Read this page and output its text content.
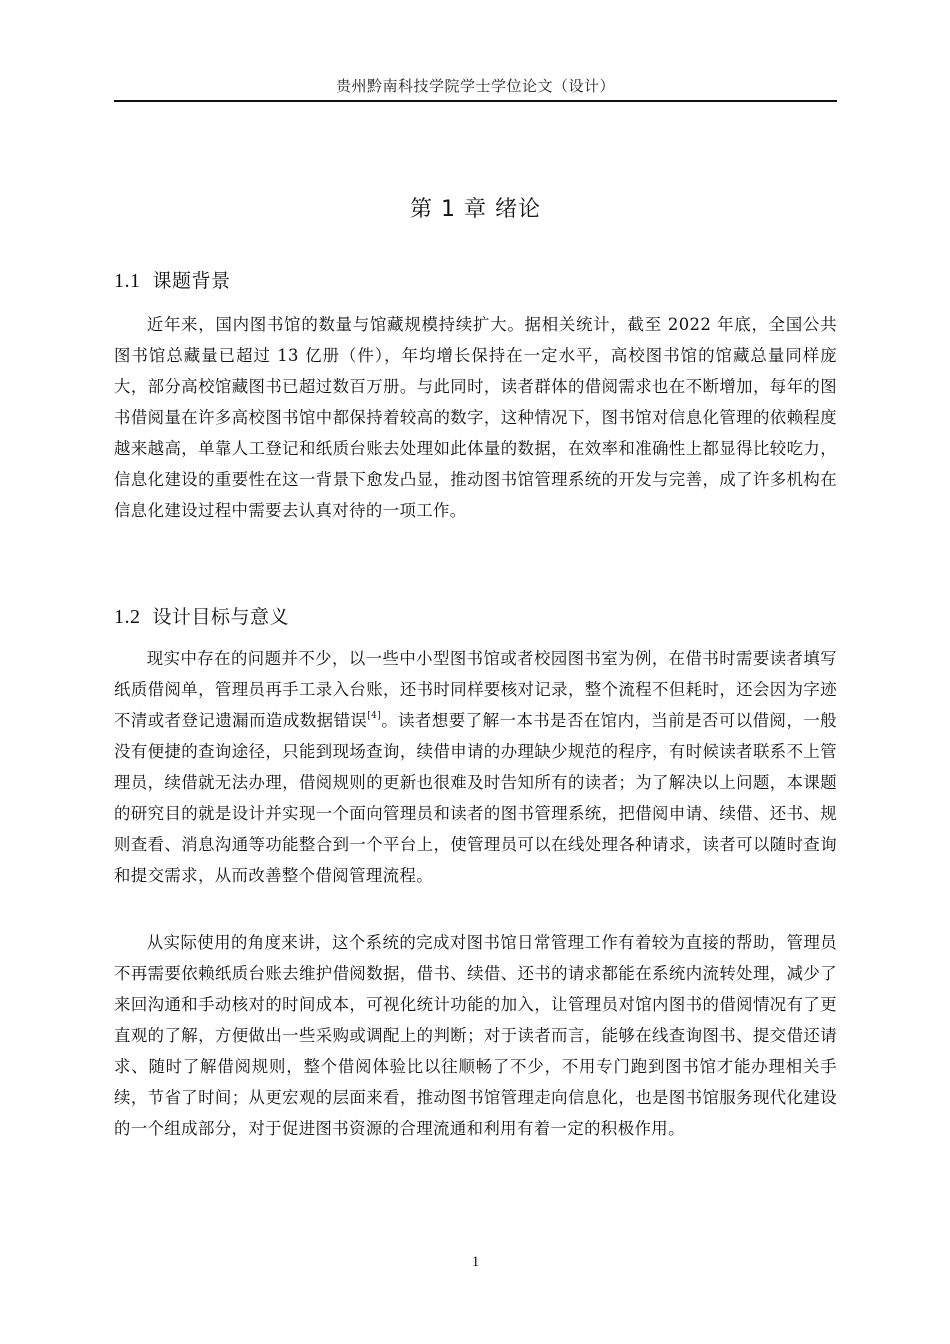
贵州黔南科技学院学士学位论文（设计）
第 1 章 绪论
1.1 课题背景

近年来，国内图书馆的数量与馆藏规模持续扩大。据相关统计，截至 2022 年底，全国公共图书馆总藏量已超过 13 亿册（件），年均增长保持在一定水平，高校图书馆的馆藏总量同样庞大，部分高校馆藏图书已超过数百万册。与此同时，读者群体的借阅需求也在不断增加，每年的图书借阅量在许多高校图书馆中都保持着较高的数字，这种情况下，图书馆对信息化管理的依赖程度越来越高，单靠人工登记和纸质台账去处理如此体量的数据，在效率和准确性上都显得比较吃力，信息化建设的重要性在这一背景下愈发凸显，推动图书馆管理系统的开发与完善，成了许多机构在信息化建设过程中需要去认真对待的一项工作。

1.2 设计目标与意义

现实中存在的问题并不少，以一些中小型图书馆或者校园图书室为例，在借书时需要读者填写纸质借阅单，管理员再手工录入台账，还书时同样要核对记录，整个流程不但耗时，还会因为字迹不清或者登记遗漏而造成数据错误[4]。读者想要了解一本书是否在馆内，当前是否可以借阅，一般没有便捷的查询途径，只能到现场查询，续借申请的办理缺少规范的程序，有时候读者联系不上管理员，续借就无法办理，借阅规则的更新也很难及时告知所有的读者；为了解决以上问题，本课题的研究目的就是设计并实现一个面向管理员和读者的图书管理系统，把借阅申请、续借、还书、规则查看、消息沟通等功能整合到一个平台上，使管理员可以在线处理各种请求，读者可以随时查询和提交需求，从而改善整个借阅管理流程。

从实际使用的角度来讲，这个系统的完成对图书馆日常管理工作有着较为直接的帮助，管理员不再需要依赖纸质台账去维护借阅数据，借书、续借、还书的请求都能在系统内流转处理，减少了来回沟通和手动核对的时间成本，可视化统计功能的加入，让管理员对馆内图书的借阅情况有了更直观的了解，方便做出一些采购或调配上的判断；对于读者而言，能够在线查询图书、提交借还请求、随时了解借阅规则，整个借阅体验比以往顺畅了不少，不用专门跑到图书馆才能办理相关手续，节省了时间；从更宏观的层面来看，推动图书馆管理走向信息化，也是图书馆服务现代化建设的一个组成部分，对于促进图书资源的合理流通和利用有着一定的积极作用。

1
